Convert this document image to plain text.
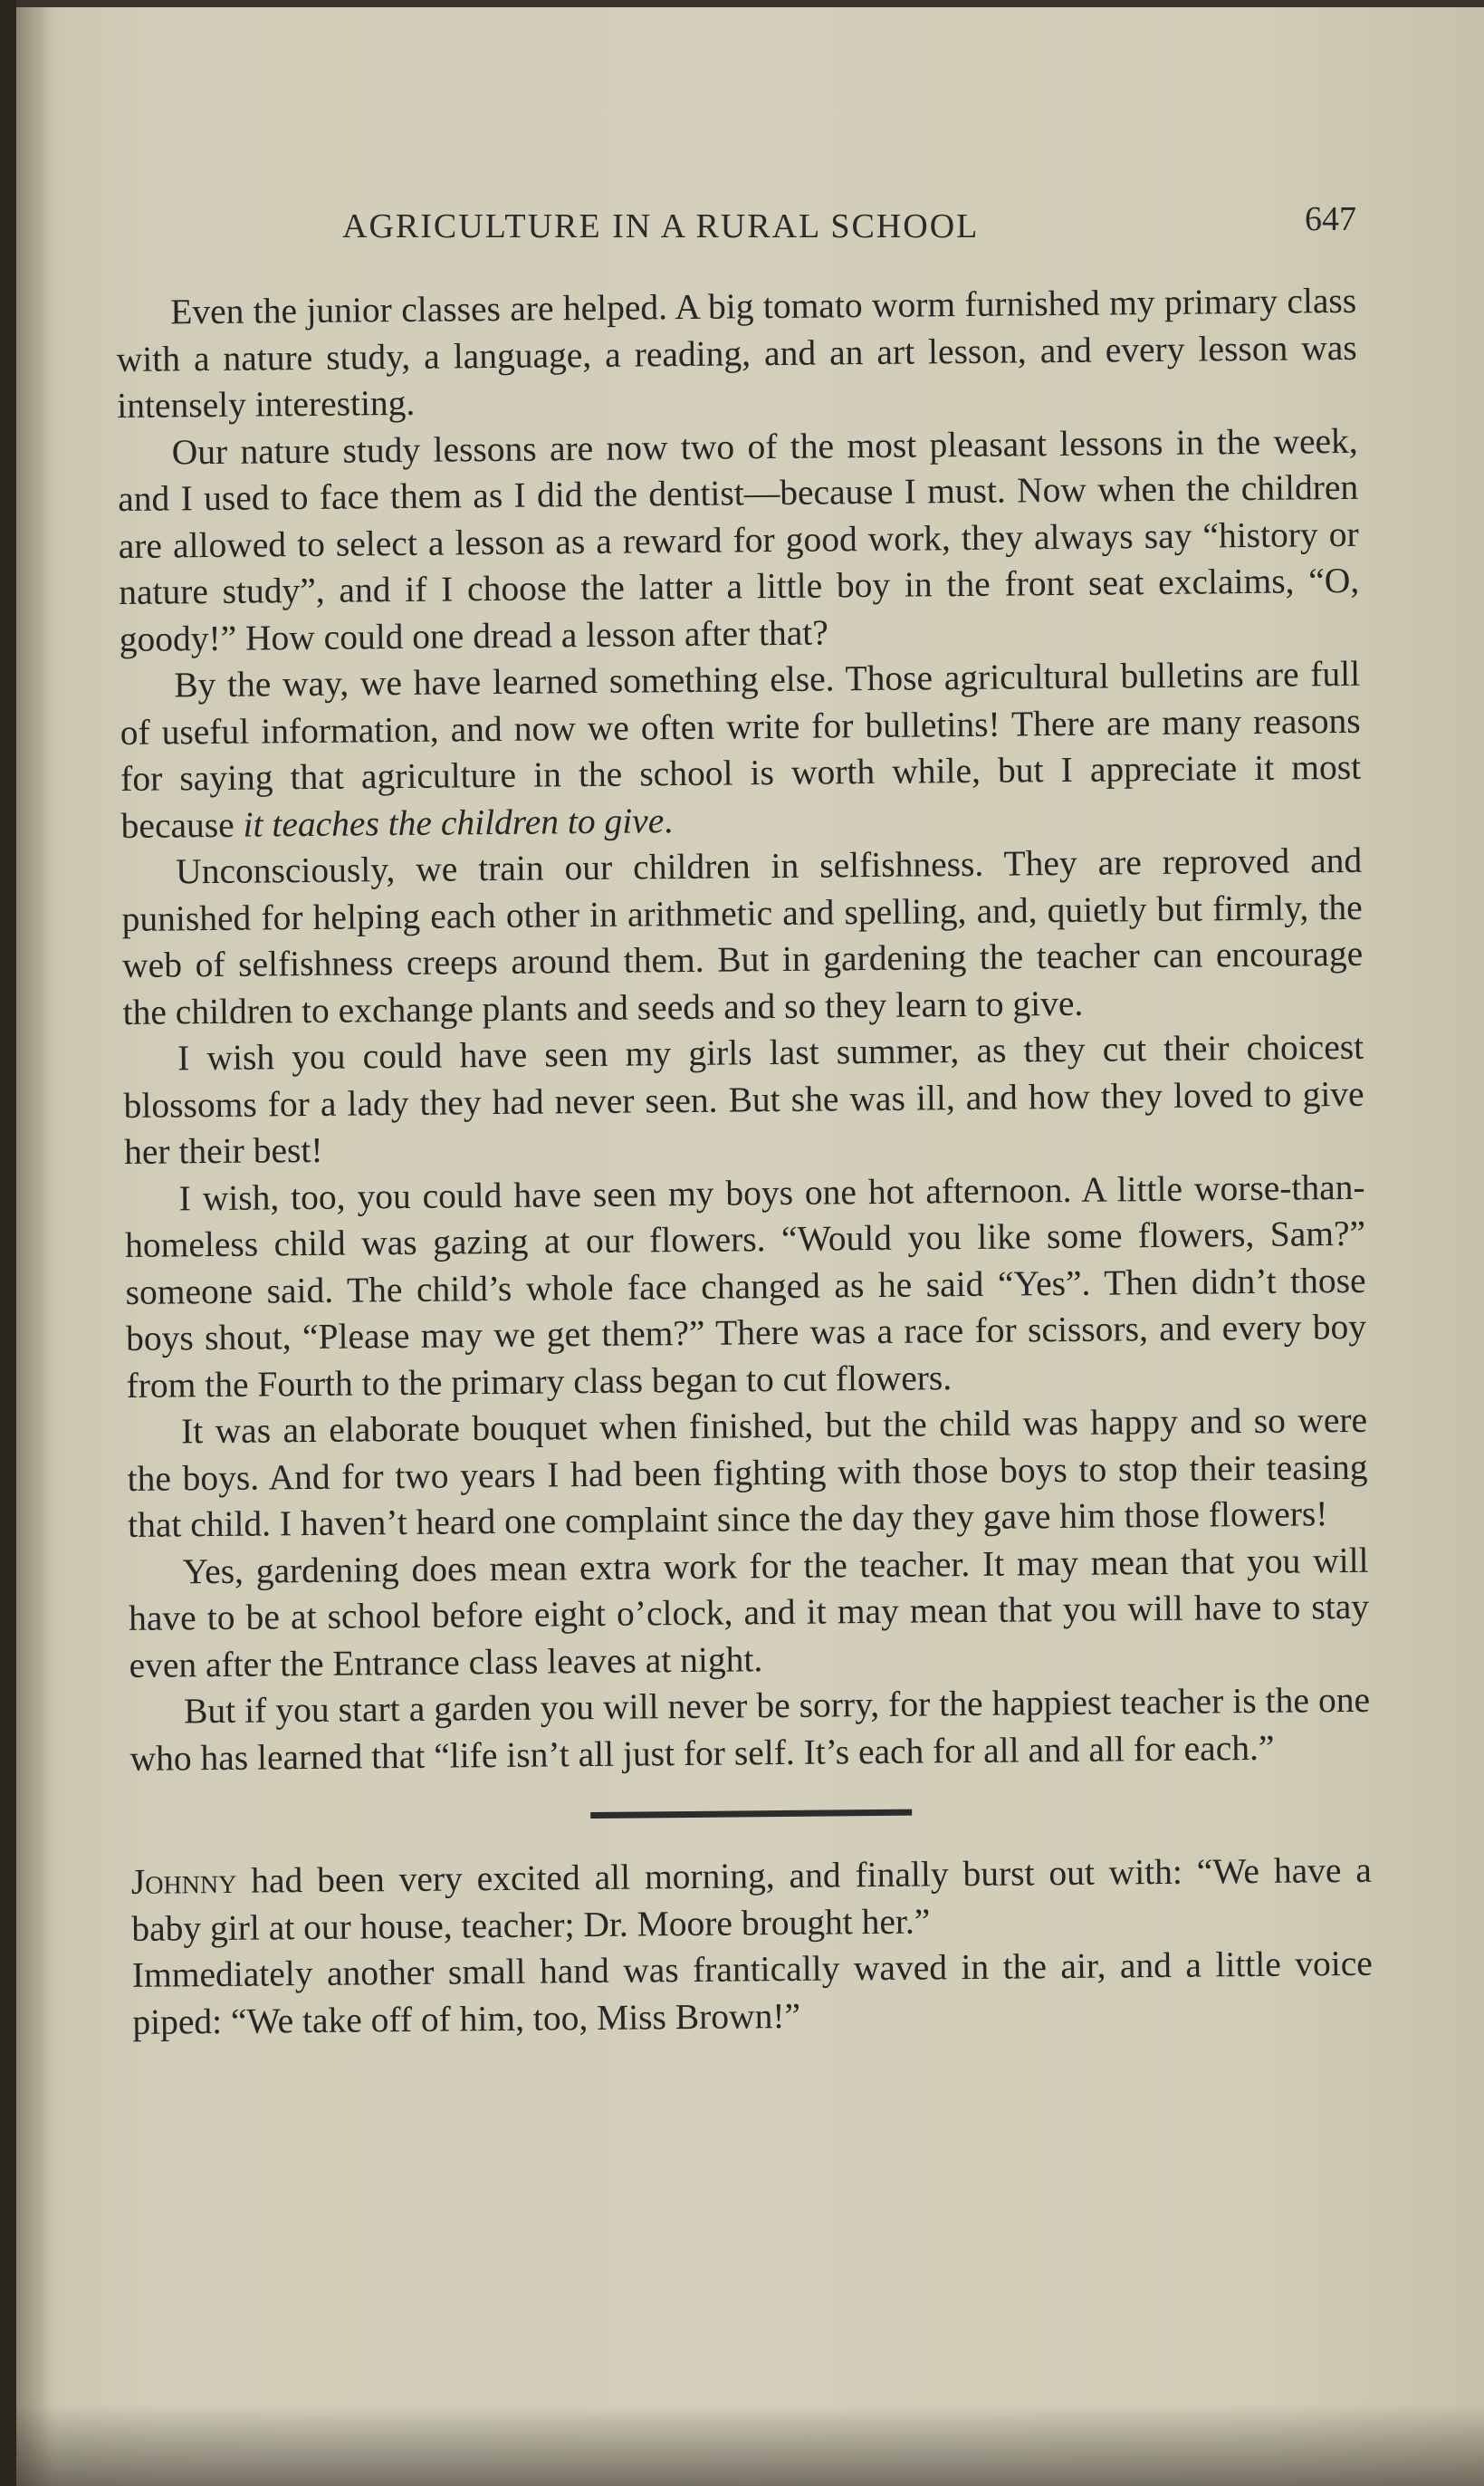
AGRICULTURE IN A RURAL SCHOOL	647

Even the junior classes are helped. A big tomato worm furnished my primary class with a nature study, a language, a reading, and an art lesson, and every lesson was intensely interesting.

Our nature study lessons are now two of the most pleasant lessons in the week, and I used to face them as I did the dentist—because I must. Now when the children are allowed to select a lesson as a reward for good work, they always say “history or nature study”, and if I choose the latter a little boy in the front seat exclaims, “O, goody!” How could one dread a lesson after that?

By the way, we have learned something else. Those agricultural bulletins are full of useful information, and now we often write for bulletins! There are many reasons for saying that agriculture in the school is worth while, but I appreciate it most because it teaches the children to give.

Unconsciously, we train our children in selfishness. They are reproved and punished for helping each other in arithmetic and spelling, and, quietly but firmly, the web of selfishness creeps around them. But in gardening the teacher can encourage the children to exchange plants and seeds and so they learn to give.

I wish you could have seen my girls last summer, as they cut their choicest blossoms for a lady they had never seen. But she was ill, and how they loved to give her their best!

I wish, too, you could have seen my boys one hot afternoon. A little worse-than-homeless child was gazing at our flowers. “Would you like some flowers, Sam?” someone said. The child’s whole face changed as he said “Yes”. Then didn’t those boys shout, “Please may we get them?” There was a race for scissors, and every boy from the Fourth to the primary class began to cut flowers.

It was an elaborate bouquet when finished, but the child was happy and so were the boys. And for two years I had been fighting with those boys to stop their teasing that child. I haven’t heard one complaint since the day they gave him those flowers!

Yes, gardening does mean extra work for the teacher. It may mean that you will have to be at school before eight o’clock, and it may mean that you will have to stay even after the Entrance class leaves at night.

But if you start a garden you will never be sorry, for the happiest teacher is the one who has learned that “life isn’t all just for self. It’s each for all and all for each.”

Johnny had been very excited all morning, and finally burst out with: “We have a baby girl at our house, teacher; Dr. Moore brought her.”

Immediately another small hand was frantically waved in the air, and a little voice piped: “We take off of him, too, Miss Brown!”
